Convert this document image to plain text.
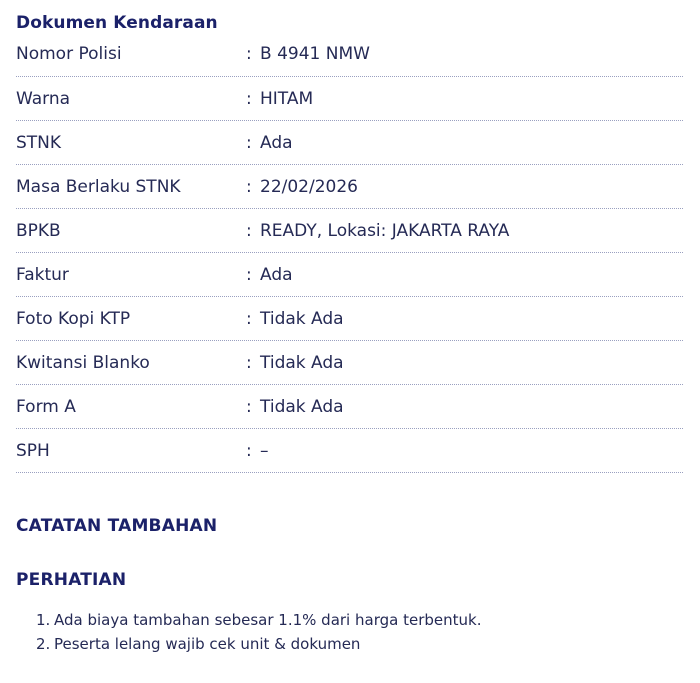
Dokumen Kendaraan
Nomor Polisi	: B 4941 NMW
Warna	: HITAM
STNK	: Ada
Masa Berlaku STNK	: 22/02/2026
BPKB	: READY, Lokasi: JAKARTA RAYA
Faktur	: Ada
Foto Kopi KTP	: Tidak Ada
Kwitansi Blanko	: Tidak Ada
Form A	: Tidak Ada
SPH	: –
CATATAN TAMBAHAN
PERHATIAN
1. Ada biaya tambahan sebesar 1.1% dari harga terbentuk.
2. Peserta lelang wajib cek unit & dokumen
